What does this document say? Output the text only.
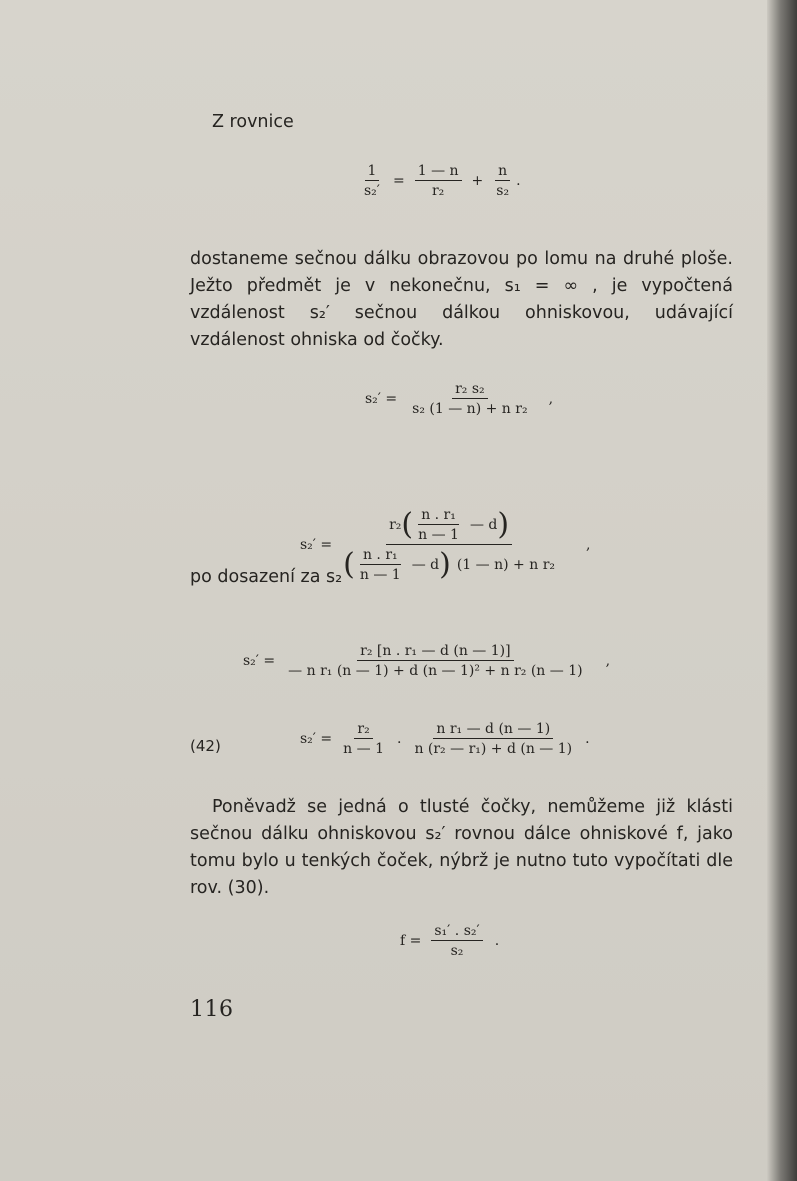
Z rovnice
$\frac{1}{\text{s₂′}} = \frac{1 — n}{\text{r₂}} + \frac{n}{\text{s₂}}$ .

dostaneme sečnou dálku obrazovou po lomu na druhé ploše. Ježto předmět je v nekonečnu, s₁ = ∞ , je vypočtená vzdálenost s₂′ sečnou dálkou ohniskovou, udávající vzdálenost ohniska od čočky.

$s_2' = \frac{\text{r₂ s₂}}{\text{s₂ (1 — n) + n r₂}}$ ,

po dosazení za s₂

s₂′ =
r₂ ( $\frac{\text{n . r₁}}{n — 1}$ — d )
( $\frac{\text{n . r₁}}{n — 1}$ — d ) (1 — n) + n r₂
,
$s_2' = \frac{\text{r₂ [n . r₁ — d (n — 1)]}}{\text{— n r₁ (n — 1) + d (n — 1)² + n r₂ (n — 1)}}$ ,
(42)	$s_2' = \frac{\text{r₂}}{n — 1}$ . $\frac{\text{n r₁ — d (n — 1)}}{\text{n (r₂ — r₁) + d (n — 1)}}$ .

Poněvadž se jedná o tlusté čočky, nemůžeme již klásti sečnou dálku ohniskovou s₂′ rovnou dálce ohniskové f, jako tomu bylo u tenkých čoček, nýbrž je nutno tuto vypočítati dle rov. (30).

$f = \frac{\text{s₁′ . s₂′}}{\text{s₂}}$ .
116
